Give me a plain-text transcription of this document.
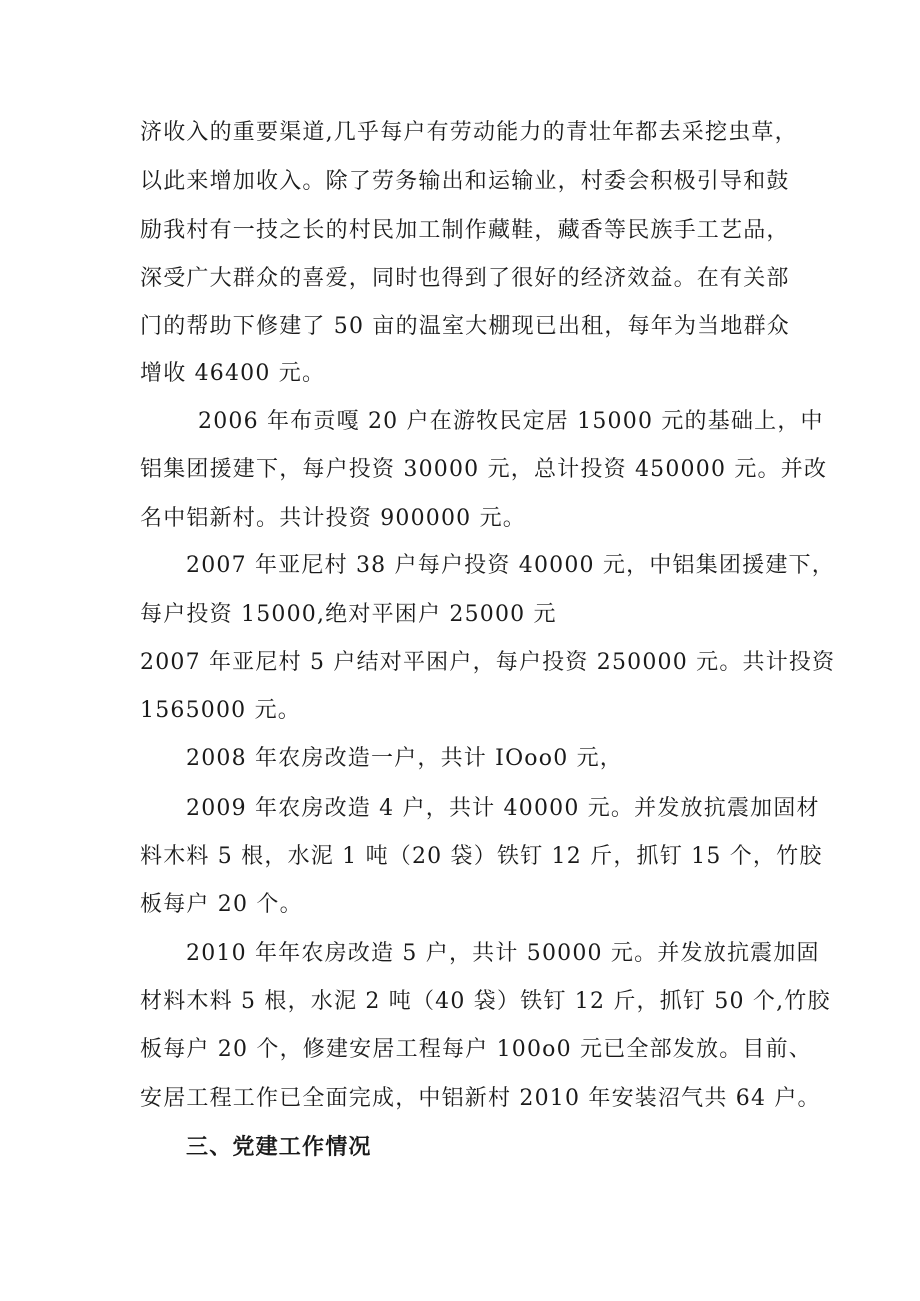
济收入的重要渠道,几乎每户有劳动能力的青壮年都去采挖虫草，
以此来增加收入。除了劳务输出和运输业，村委会积极引导和鼓
励我村有一技之长的村民加工制作藏鞋，藏香等民族手工艺品，
深受广大群众的喜爱，同时也得到了很好的经济效益。在有关部
门的帮助下修建了 50 亩的温室大棚现已出租，每年为当地群众
增收 46400 元。
2006 年布贡嘎 20 户在游牧民定居 15000 元的基础上，中
铝集团援建下，每户投资 30000 元，总计投资 450000 元。并改
名中铝新村。共计投资 900000 元。
2007 年亚尼村 38 户每户投资 40000 元，中铝集团援建下，
每户投资 15000,绝对平困户 25000 元
2007 年亚尼村 5 户结对平困户，每户投资 250000 元。共计投资
1565000 元。
2008 年农房改造一户，共计 IOoo0 元，
2009 年农房改造 4 户，共计 40000 元。并发放抗震加固材
料木料 5 根，水泥 1 吨（20 袋）铁钉 12 斤，抓钉 15 个，竹胶
板每户 20 个。
2010 年年农房改造 5 户，共计 50000 元。并发放抗震加固
材料木料 5 根，水泥 2 吨（40 袋）铁钉 12 斤，抓钉 50 个,竹胶
板每户 20 个，修建安居工程每户 100o0 元已全部发放。目前、
安居工程工作已全面完成，中铝新村 2010 年安装沼气共 64 户。
三、党建工作情况
